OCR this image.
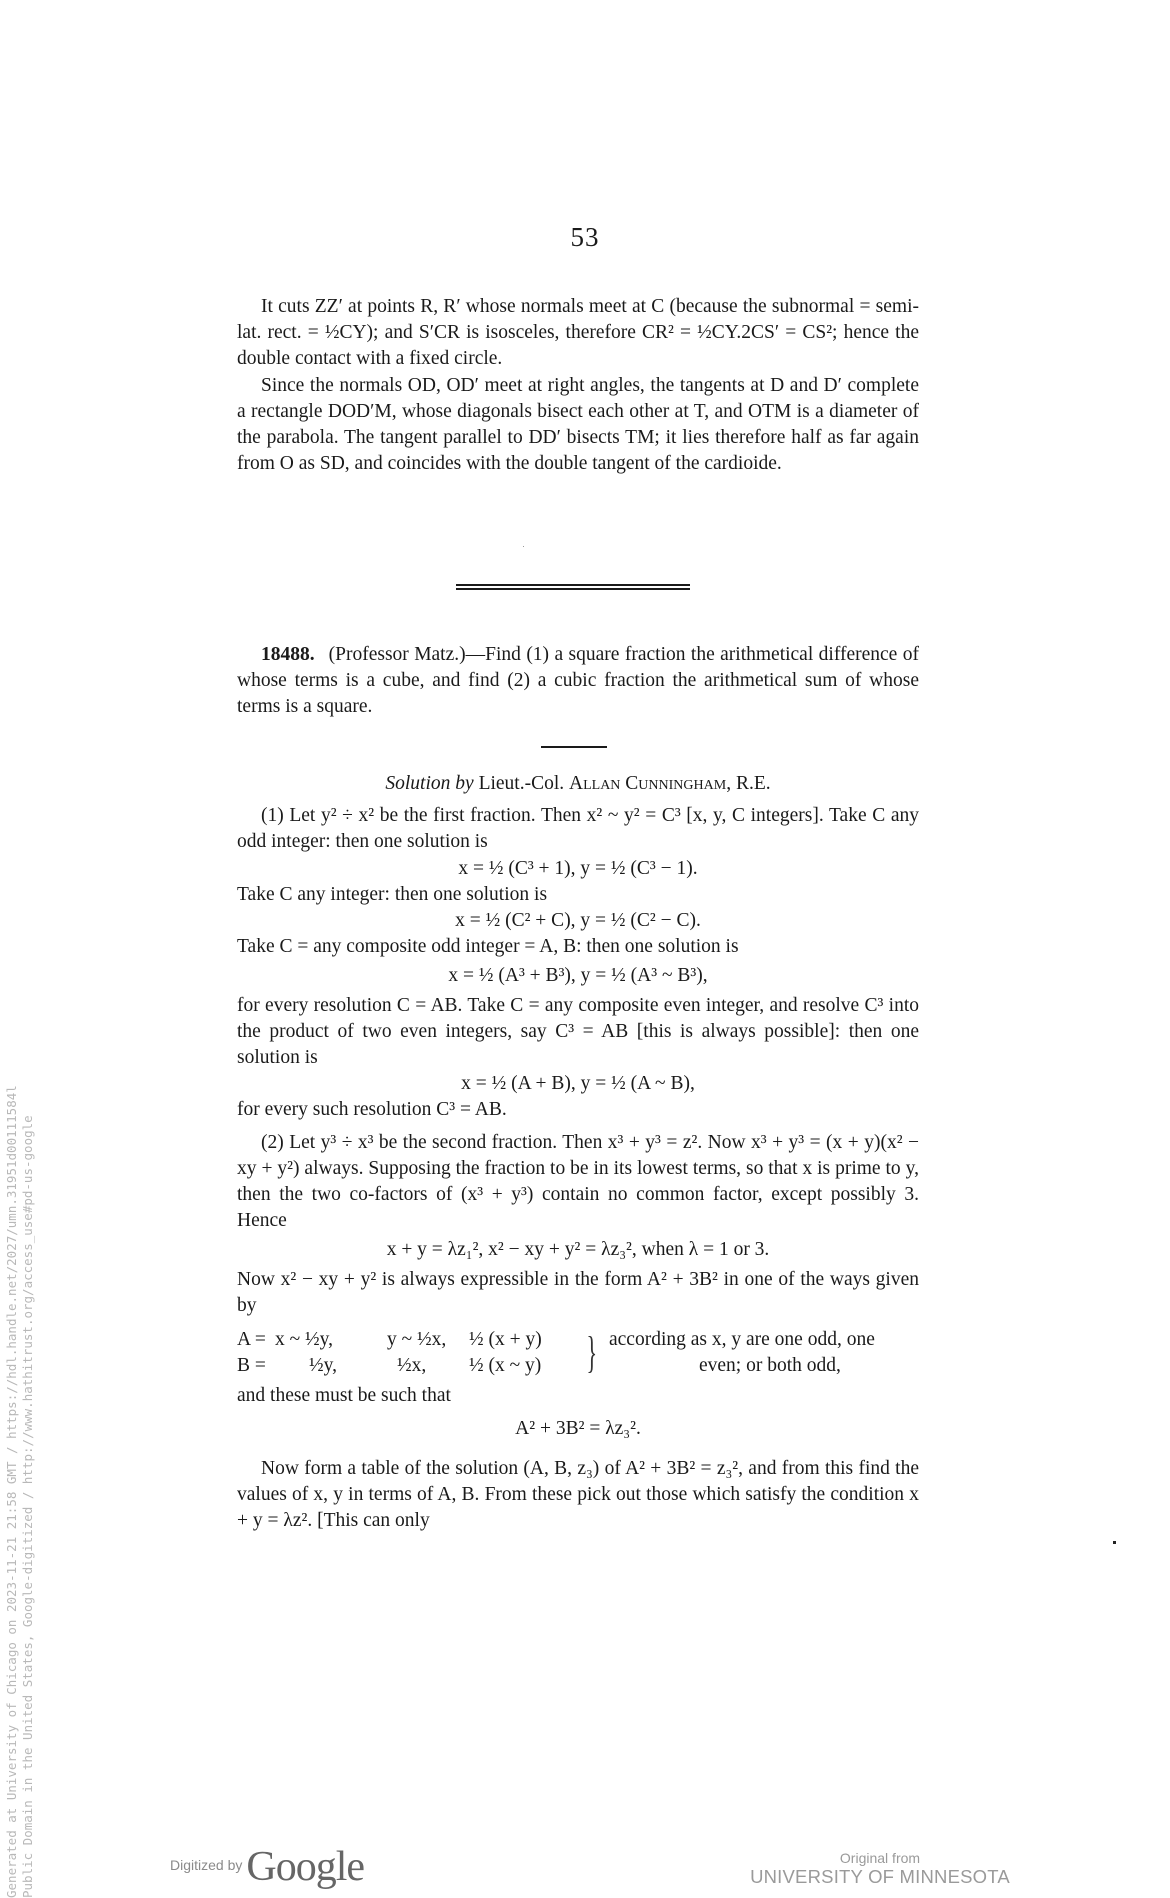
53

It cuts ZZ′ at points R, R′ whose normals meet at C (because the subnormal = semi-lat. rect. = ½CY); and S′CR is isosceles, therefore CR² = ½CY.2CS′ = CS²; hence the double contact with a fixed circle.

Since the normals OD, OD′ meet at right angles, the tangents at D and D′ complete a rectangle DOD′M, whose diagonals bisect each other at T, and OTM is a diameter of the parabola. The tangent parallel to DD′ bisects TM; it lies therefore half as far again from O as SD, and coincides with the double tangent of the cardioide.

18488. (Professor Matz.)—Find (1) a square fraction the arithmetical difference of whose terms is a cube, and find (2) a cubic fraction the arithmetical sum of whose terms is a square.

Solution by Lieut.-Col. Allan Cunningham, R.E.

(1) Let y² ÷ x² be the first fraction. Then x² ~ y² = C³ [x, y, C integers]. Take C any odd integer: then one solution is

x = ½ (C³ + 1), y = ½ (C³ − 1).

Take C any integer: then one solution is

x = ½ (C² + C), y = ½ (C² − C).

Take C = any composite odd integer = A, B: then one solution is

x = ½ (A³ + B³), y = ½ (A³ ~ B³),

for every resolution C = AB. Take C = any composite even integer, and resolve C³ into the product of two even integers, say C³ = AB [this is always possible]: then one solution is

x = ½ (A + B), y = ½ (A ~ B),

for every such resolution C³ = AB.

(2) Let y³ ÷ x³ be the second fraction. Then x³ + y³ = z². Now x³ + y³ = (x + y)(x² − xy + y²) always. Supposing the fraction to be in its lowest terms, so that x is prime to y, then the two co-factors of (x³ + y³) contain no common factor, except possibly 3. Hence

x + y = λz₁², x² − xy + y² = λz₃², when λ = 1 or 3.

Now x² − xy + y² is always expressible in the form A² + 3B² in one of the ways given by

A = x ~ ½y,	y ~ ½x,	½ (x + y)	} according as x, y are one odd, one
B =	½y,	½x,	½ (x ~ y)	even; or both odd,

and these must be such that

A² + 3B² = λz₃².

Now form a table of the solution (A, B, z₃) of A² + 3B² = z₃², and from this find the values of x, y in terms of A, B. From these pick out those which satisfy the condition x + y = λz². [This can only

Generated at University of Chicago on 2023-11-21 21:58 GMT / https://hdl.handle.net/2027/umn.31951d00111584l Public Domain in the United States, Google-digitized / http://www.hathitrust.org/access_use#pd-us-google	Digitized by Google	Original from
UNIVERSITY OF MINNESOTA
